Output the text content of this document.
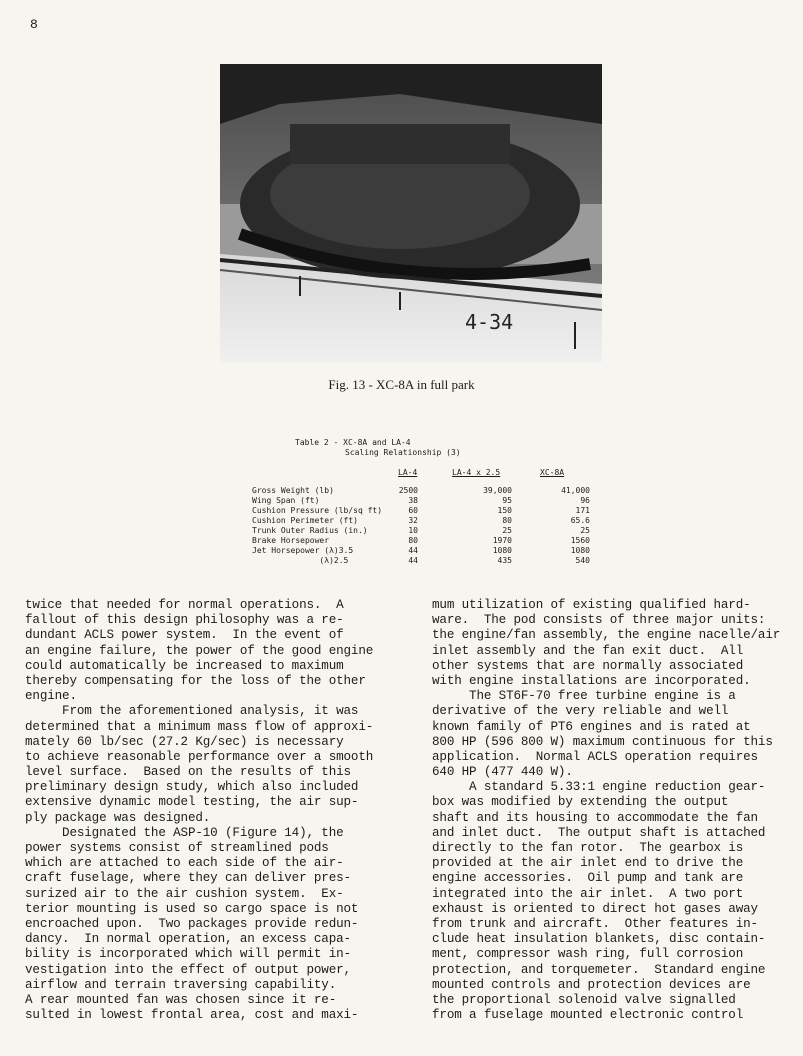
8
4-34
Fig. 13 - XC-8A in full park
Table 2 - XC-8A and LA-4
Scaling Relationship (3)
LA-4	LA-4 x 2.5	XC-8A
Gross Weight (lb)	2500	39,000	41,000
Wing Span (ft)	38	95	96
Cushion Pressure (lb/sq ft)	60	150	171
Cushion Perimeter (ft)	32	80	65.6
Trunk Outer Radius (in.)	10	25	25
Brake Horsepower	80	1970	1560
Jet Horsepower (λ)3.5	44	1080	1080
(λ)2.5	44	435	540
twice that needed for normal operations.  A
fallout of this design philosophy was a re-
dundant ACLS power system.  In the event of
an engine failure, the power of the good engine
could automatically be increased to maximum
thereby compensating for the loss of the other
engine.
From the aforementioned analysis, it was
determined that a minimum mass flow of approxi-
mately 60 lb/sec (27.2 Kg/sec) is necessary
to achieve reasonable performance over a smooth
level surface.  Based on the results of this
preliminary design study, which also included
extensive dynamic model testing, the air sup-
ply package was designed.
Designated the ASP-10 (Figure 14), the
power systems consist of streamlined pods
which are attached to each side of the air-
craft fuselage, where they can deliver pres-
surized air to the air cushion system.  Ex-
terior mounting is used so cargo space is not
encroached upon.  Two packages provide redun-
dancy.  In normal operation, an excess capa-
bility is incorporated which will permit in-
vestigation into the effect of output power,
airflow and terrain traversing capability.
A rear mounted fan was chosen since it re-
sulted in lowest frontal area, cost and maxi-
mum utilization of existing qualified hard-
ware.  The pod consists of three major units:
the engine/fan assembly, the engine nacelle/air
inlet assembly and the fan exit duct.  All
other systems that are normally associated
with engine installations are incorporated.
The ST6F-70 free turbine engine is a
derivative of the very reliable and well
known family of PT6 engines and is rated at
800 HP (596 800 W) maximum continuous for this
application.  Normal ACLS operation requires
640 HP (477 440 W).
A standard 5.33:1 engine reduction gear-
box was modified by extending the output
shaft and its housing to accommodate the fan
and inlet duct.  The output shaft is attached
directly to the fan rotor.  The gearbox is
provided at the air inlet end to drive the
engine accessories.  Oil pump and tank are
integrated into the air inlet.  A two port
exhaust is oriented to direct hot gases away
from trunk and aircraft.  Other features in-
clude heat insulation blankets, disc contain-
ment, compressor wash ring, full corrosion
protection, and torquemeter.  Standard engine
mounted controls and protection devices are
the proportional solenoid valve signalled
from a fuselage mounted electronic control
